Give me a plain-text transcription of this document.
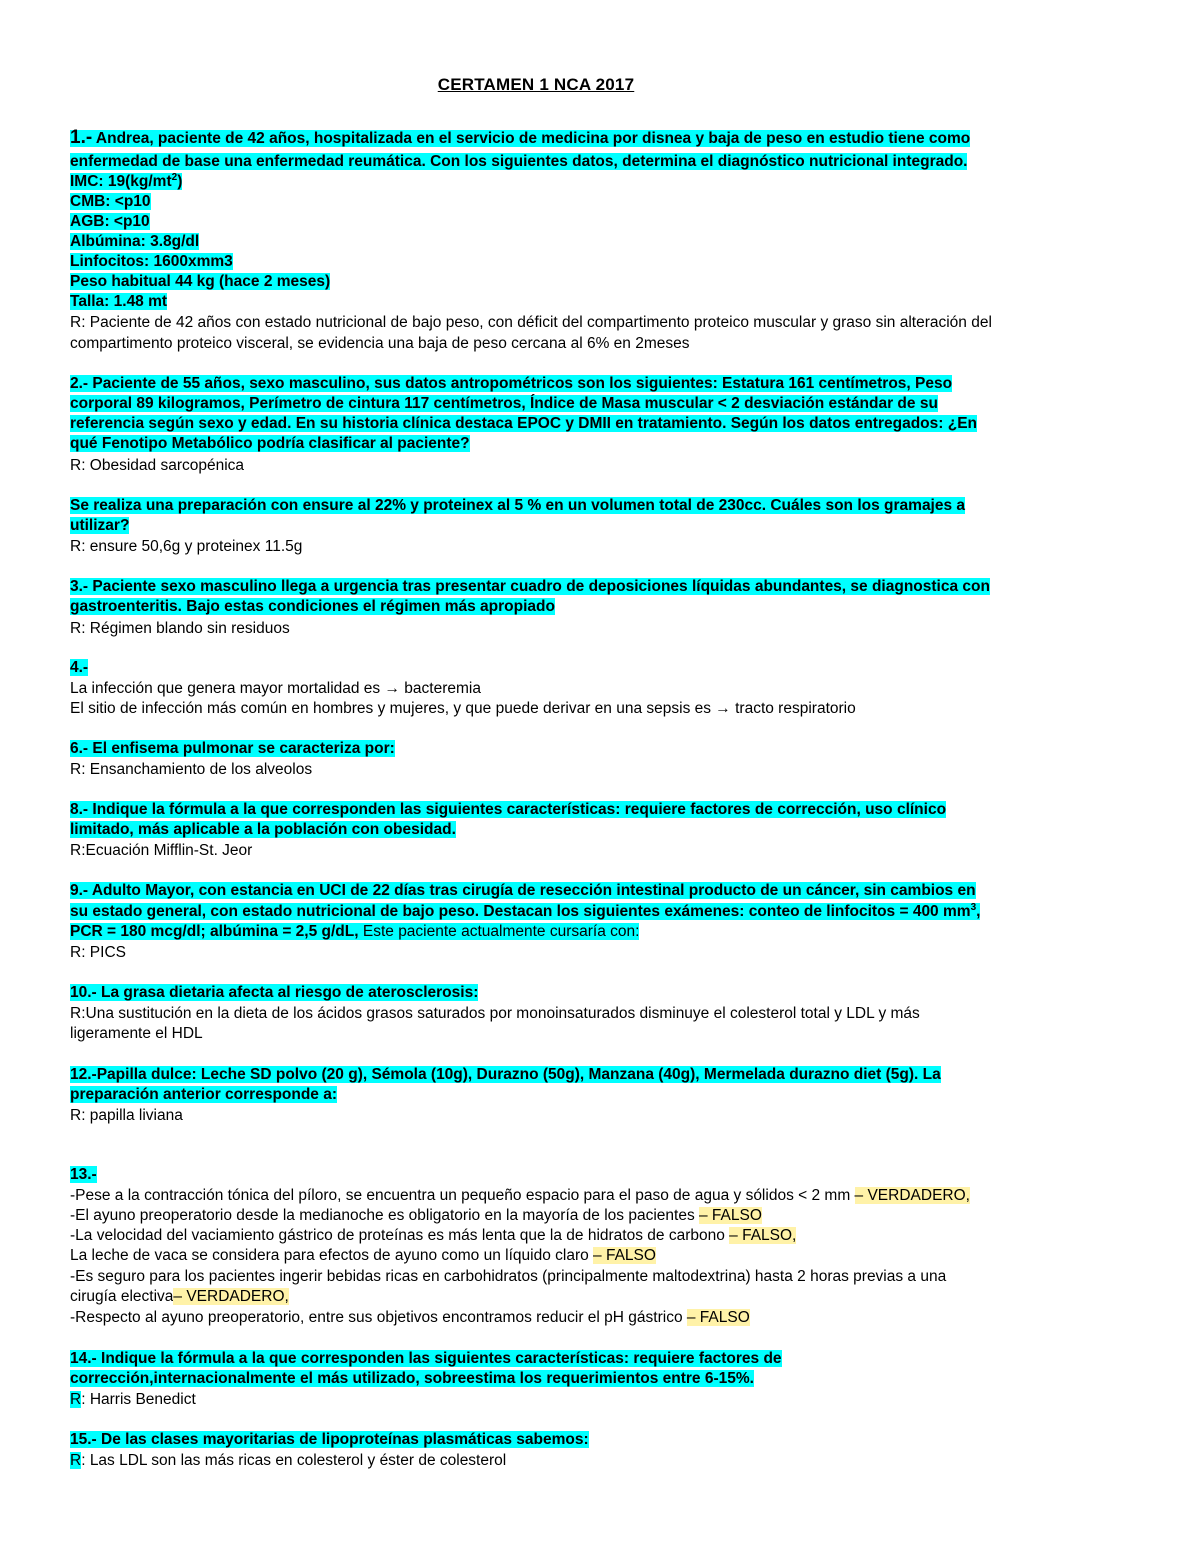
CERTAMEN 1 NCA 2017
1.- Andrea, paciente de 42 años, hospitalizada en el servicio de medicina por disnea y baja de peso en estudio tiene como
enfermedad de base una enfermedad reumática. Con los siguientes datos, determina el diagnóstico nutricional integrado.
IMC: $19(kg/mt^2)$
CMB: <p10
AGB: <p10
Albúmina: 3.8g/dl
Linfocitos: 1600xmm3
Peso habitual 44 kg (hace 2 meses)
Talla: 1.48 mt
R: Paciente de 42 años con estado nutricional de bajo peso, con déficit del compartimento proteico muscular y graso sin alteración del
compartimento proteico visceral, se evidencia una baja de peso cercana al 6% en 2meses
2.- Paciente de 55 años, sexo masculino, sus datos antropométricos son los siguientes: Estatura 161 centímetros, Peso
corporal 89 kilogramos, Perímetro de cintura 117 centímetros, Índice de Masa muscular < 2 desviación estándar de su
referencia según sexo y edad. En su historia clínica destaca EPOC y DMII en tratamiento. Según los datos entregados: ¿En
qué Fenotipo Metabólico podría clasificar al paciente?
R: Obesidad sarcopénica
Se realiza una preparación con ensure al 22% y proteinex al 5 % en un volumen total de 230cc. Cuáles son los gramajes a
utilizar?
R: ensure 50,6g y proteinex 11.5g
3.- Paciente sexo masculino llega a urgencia tras presentar cuadro de deposiciones líquidas abundantes, se diagnostica con
gastroenteritis. Bajo estas condiciones el régimen más apropiado
R: Régimen blando sin residuos
4.-
La infección que genera mayor mortalidad es → bacteremia
El sitio de infección más común en hombres y mujeres, y que puede derivar en una sepsis es → tracto respiratorio
6.- El enfisema pulmonar se caracteriza por:
R: Ensanchamiento de los alveolos
8.- Indique la fórmula a la que corresponden las siguientes características: requiere factores de corrección, uso clínico
limitado, más aplicable a la población con obesidad.
R:Ecuación Mifflin-St. Jeor
9.- Adulto Mayor, con estancia en UCI de 22 días tras cirugía de resección intestinal producto de un cáncer, sin cambios en
su estado general, con estado nutricional de bajo peso. Destacan los siguientes exámenes: conteo de linfocitos = 400 $mm^3$,
PCR = 180 mcg/dl; albúmina = 2,5 g/dL, Este paciente actualmente cursaría con:
R: PICS
10.- La grasa dietaria afecta al riesgo de aterosclerosis:
R:Una sustitución en la dieta de los ácidos grasos saturados por monoinsaturados disminuye el colesterol total y LDL y más
ligeramente el HDL
12.-Papilla dulce: Leche SD polvo (20 g), Sémola (10g), Durazno (50g), Manzana (40g), Mermelada durazno diet (5g). La
preparación anterior corresponde a:
R: papilla liviana
13.-
-Pese a la contracción tónica del píloro, se encuentra un pequeño espacio para el paso de agua y sólidos < 2 mm – VERDADERO,
-El ayuno preoperatorio desde la medianoche es obligatorio en la mayoría de los pacientes – FALSO
-La velocidad del vaciamiento gástrico de proteínas es más lenta que la de hidratos de carbono – FALSO,
La leche de vaca se considera para efectos de ayuno como un líquido claro – FALSO
-Es seguro para los pacientes ingerir bebidas ricas en carbohidratos (principalmente maltodextrina) hasta 2 horas previas a una
cirugía electiva– VERDADERO,
-Respecto al ayuno preoperatorio, entre sus objetivos encontramos reducir el pH gástrico – FALSO
14.- Indique la fórmula a la que corresponden las siguientes características: requiere factores de
corrección,internacionalmente el más utilizado, sobreestima los requerimientos entre 6-15%.
R: Harris Benedict
15.- De las clases mayoritarias de lipoproteínas plasmáticas sabemos:
R: Las LDL son las más ricas en colesterol y éster de colesterol
